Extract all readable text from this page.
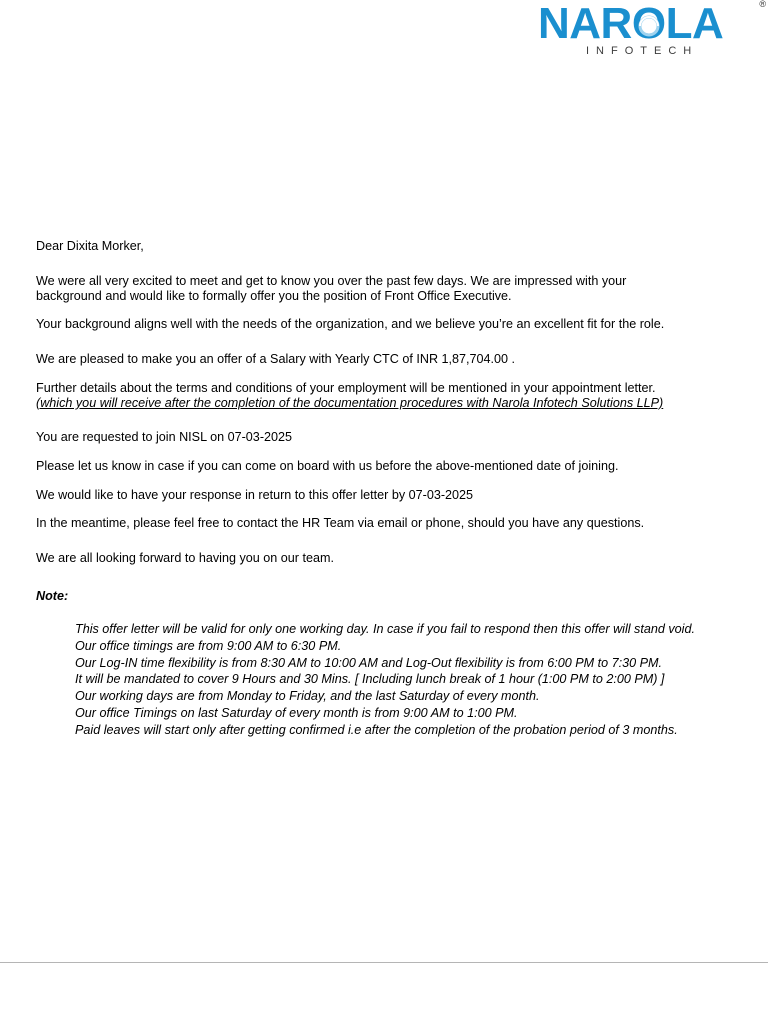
NARO
LA
INFOTECH
®
Dear Dixita Morker,
We were all very excited to meet and get to know you over the past few days. We are impressed with your
background and would like to formally offer you the position of Front Office Executive.
Your background aligns well with the needs of the organization, and we believe you’re an excellent fit for the role.
We are pleased to make you an offer of a Salary with Yearly CTC of INR 1,87,704.00 .
Further details about the terms and conditions of your employment will be mentioned in your appointment letter.
(which you will receive after the completion of the documentation procedures with Narola Infotech Solutions LLP)
You are requested to join NISL on 07-03-2025
Please let us know in case if you can come on board with us before the above-mentioned date of joining.
We would like to have your response in return to this offer letter by 07-03-2025
In the meantime, please feel free to contact the HR Team via email or phone, should you have any questions.
We are all looking forward to having you on our team.
Note:
This offer letter will be valid for only one working day. In case if you fail to respond then this offer will stand void.
Our office timings are from 9:00 AM to 6:30 PM.
Our Log-IN time flexibility is from 8:30 AM to 10:00 AM and Log-Out flexibility is from 6:00 PM to 7:30 PM.
It will be mandated to cover 9 Hours and 30 Mins. [ Including lunch break of 1 hour (1:00 PM to 2:00 PM) ]
Our working days are from Monday to Friday, and the last Saturday of every month.
Our office Timings on last Saturday of every month is from 9:00 AM to 1:00 PM.
Paid leaves will start only after getting confirmed i.e after the completion of the probation period of 3 months.
